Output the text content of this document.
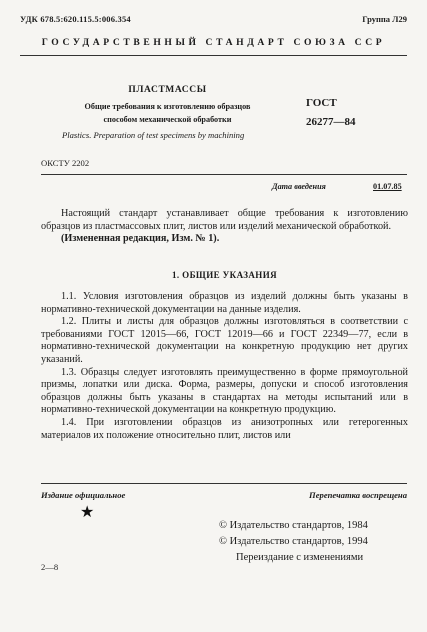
УДК 678.5:620.115.5:006.354	Группа Л29
ГОСУДАРСТВЕННЫЙ СТАНДАРТ СОЮЗА ССР
ПЛАСТМАССЫ
Общие требования к изготовлению образцов
способом механической обработки
Plastics. Preparation of test specimens by machining
ГОСТ
26277—84
ОКСТУ 2202
Дата введения	01.07.85

Настоящий стандарт устанавливает общие требования к изготовлению образцов из пластмассовых плит, листов или изделий механической обработкой.

(Измененная редакция, Изм. № 1).

1. ОБЩИЕ УКАЗАНИЯ

1.1. Условия изготовления образцов из изделий должны быть указаны в нормативно-технической документации на данные изделия.

1.2. Плиты и листы для образцов должны изготовляться в соответствии с требованиями ГОСТ 12015—66, ГОСТ 12019—66 и ГОСТ 22349—77, если в нормативно-технической документации на конкретную продукцию нет других указаний.

1.3. Образцы следует изготовлять преимущественно в форме прямоугольной призмы, лопатки или диска. Форма, размеры, допуски и способ изготовления образцов должны быть указаны в стандартах на методы испытаний или в нормативно-технической документации на конкретную продукцию.

1.4. При изготовлении образцов из анизотропных или гетерогенных материалов их положение относительно плит, листов или

Издание официальное	Перепечатка воспрещена
★
© Издательство стандартов, 1984
© Издательство стандартов, 1994
Переиздание с изменениями
2—8
